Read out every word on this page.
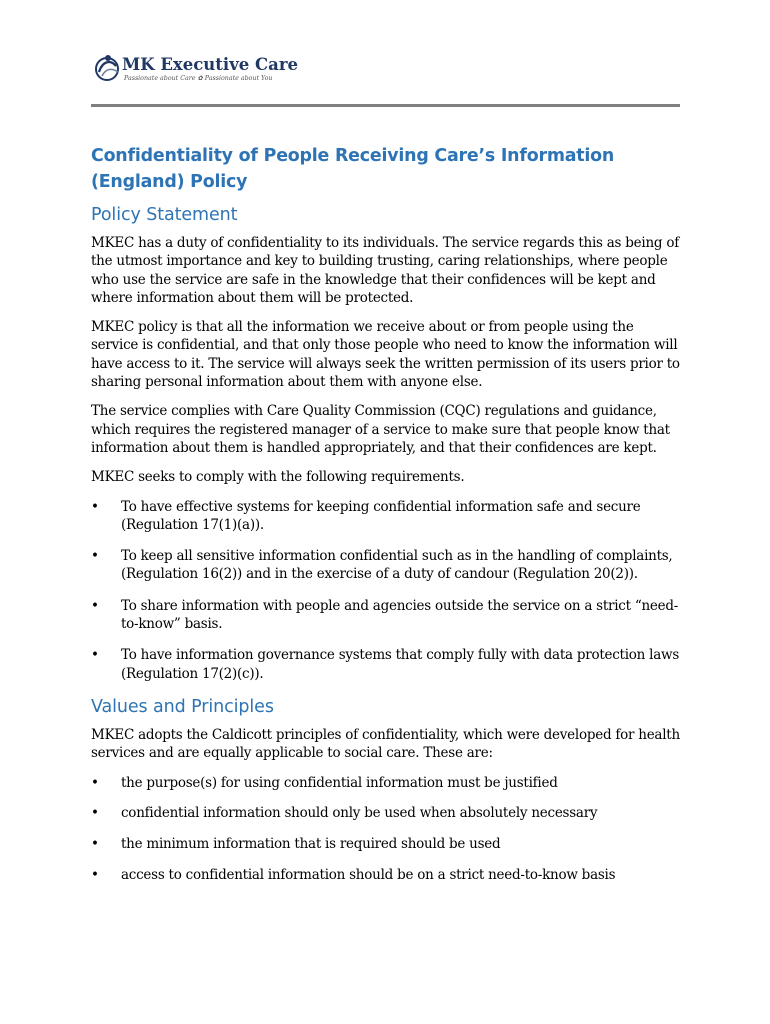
MK Executive Care
Passionate about Care ✿ Passionate about You
Confidentiality of People Receiving Care’s Information (England) Policy
Policy Statement

MKEC has a duty of confidentiality to its individuals. The service regards this as being of the utmost importance and key to building trusting, caring relationships, where people who use the service are safe in the knowledge that their confidences will be kept and where information about them will be protected.

MKEC policy is that all the information we receive about or from people using the service is confidential, and that only those people who need to know the information will have access to it. The service will always seek the written permission of its users prior to sharing personal information about them with anyone else.

The service complies with Care Quality Commission (CQC) regulations and guidance, which requires the registered manager of a service to make sure that people know that information about them is handled appropriately, and that their confidences are kept.

MKEC seeks to comply with the following requirements.

• To have effective systems for keeping confidential information safe and secure (Regulation 17(1)(a)).
• To keep all sensitive information confidential such as in the handling of complaints, (Regulation 16(2)) and in the exercise of a duty of candour (Regulation 20(2)).
• To share information with people and agencies outside the service on a strict “need-to-know” basis.
• To have information governance systems that comply fully with data protection laws (Regulation 17(2)(c)).
Values and Principles

MKEC adopts the Caldicott principles of confidentiality, which were developed for health services and are equally applicable to social care. These are:

• the purpose(s) for using confidential information must be justified
• confidential information should only be used when absolutely necessary
• the minimum information that is required should be used
• access to confidential information should be on a strict need-to-know basis
